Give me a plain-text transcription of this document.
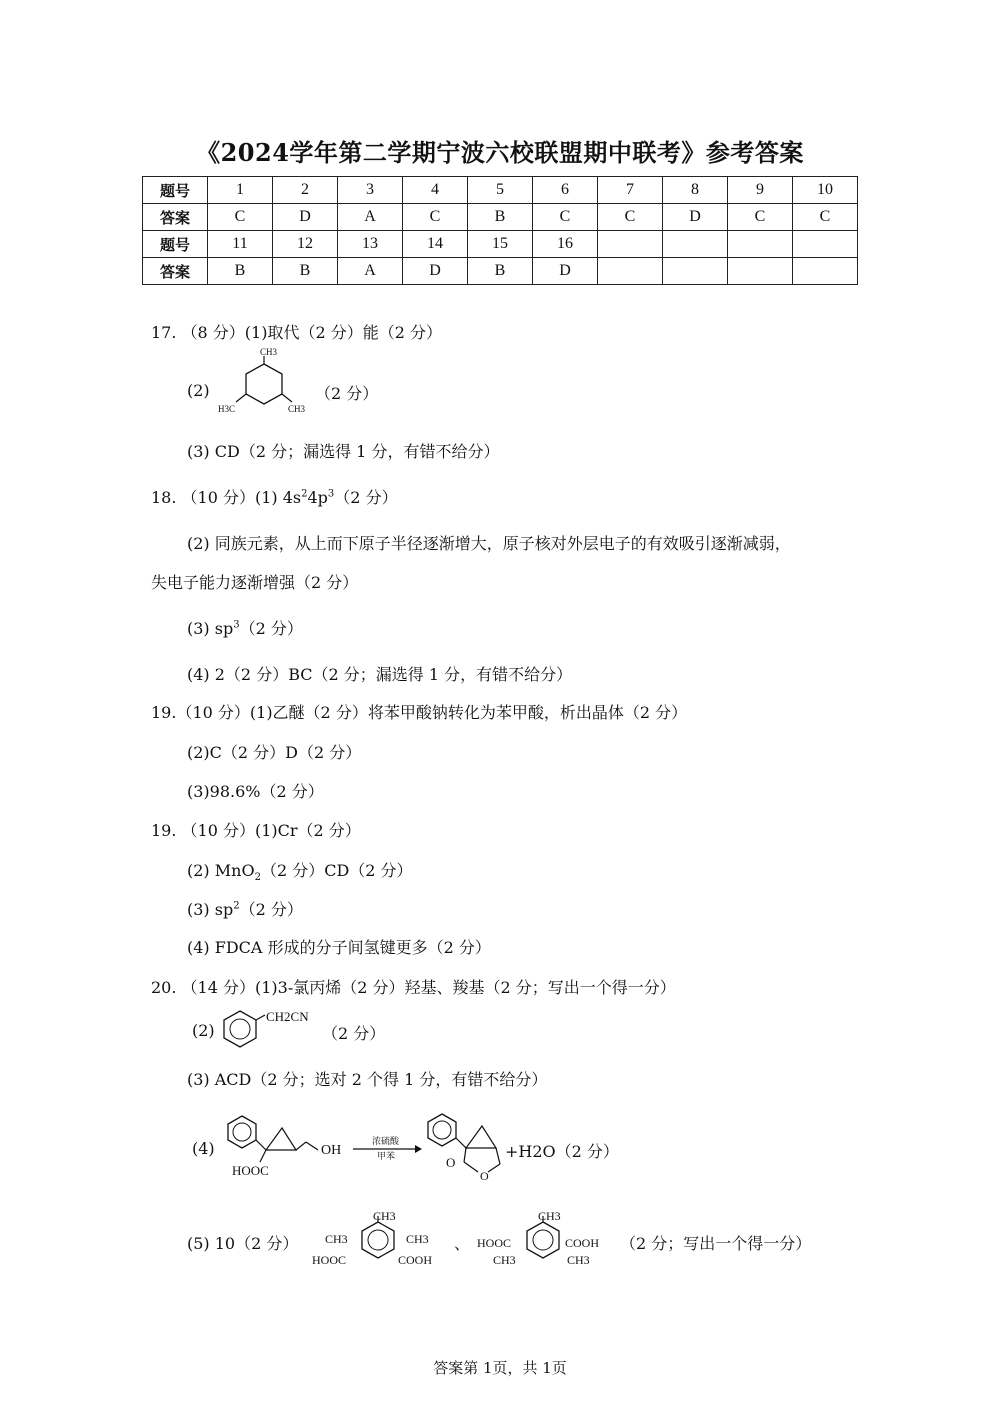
《2024学年第二学期宁波六校联盟期中联考》参考答案
题号	1	2	3	4	5	6	7	8	9	10
答案	C	D	A	C	B	C	C	D	C	C
题号	11	12	13	14	15	16				
答案	B	B	A	D	B	D				
17. （8 分）(1)取代（2 分）能（2 分）
(2)
CH3
H3C	CH3
（2 分）
(3) CD（2 分；漏选得 1 分，有错不给分）
18. （10 分）(1) $4s^24p^3(2$ 分）
(2) 同族元素，从上而下原子半径逐渐增大，原子核对外层电子的有效吸引逐渐减弱，
失电子能力逐渐增强（2 分）
(3) $sp^3(2$ 分）
(4) 2（2 分）BC（2 分；漏选得 1 分，有错不给分）
19.（10 分）(1)乙醚（2 分）将苯甲酸钠转化为苯甲酸，析出晶体（2 分）
(2)C（2 分）D（2 分）
(3)98.6%（2 分）
19. （10 分）(1)Cr（2 分）
(2) MnO$_2$（2 分）CD（2 分）
(3) $sp^2(2$ 分）
(4) FDCA 形成的分子间氢键更多（2 分）
20. （14 分）(1)3-氯丙烯（2 分）羟基、羧基（2 分；写出一个得一分）
(2)
CH2CN
（2 分）
(3) ACD（2 分；选对 2 个得 1 分，有错不给分）
(4)	OH
HOOC
浓硫酸
甲苯	O
O
+H2O（2 分）
(5) 10（2 分）
CH3
CH3	CH3
HOOC	COOH
、
CH3
HOOC	COOH
CH3	CH3
（2 分；写出一个得一分）
答案第 1页，共 1页
